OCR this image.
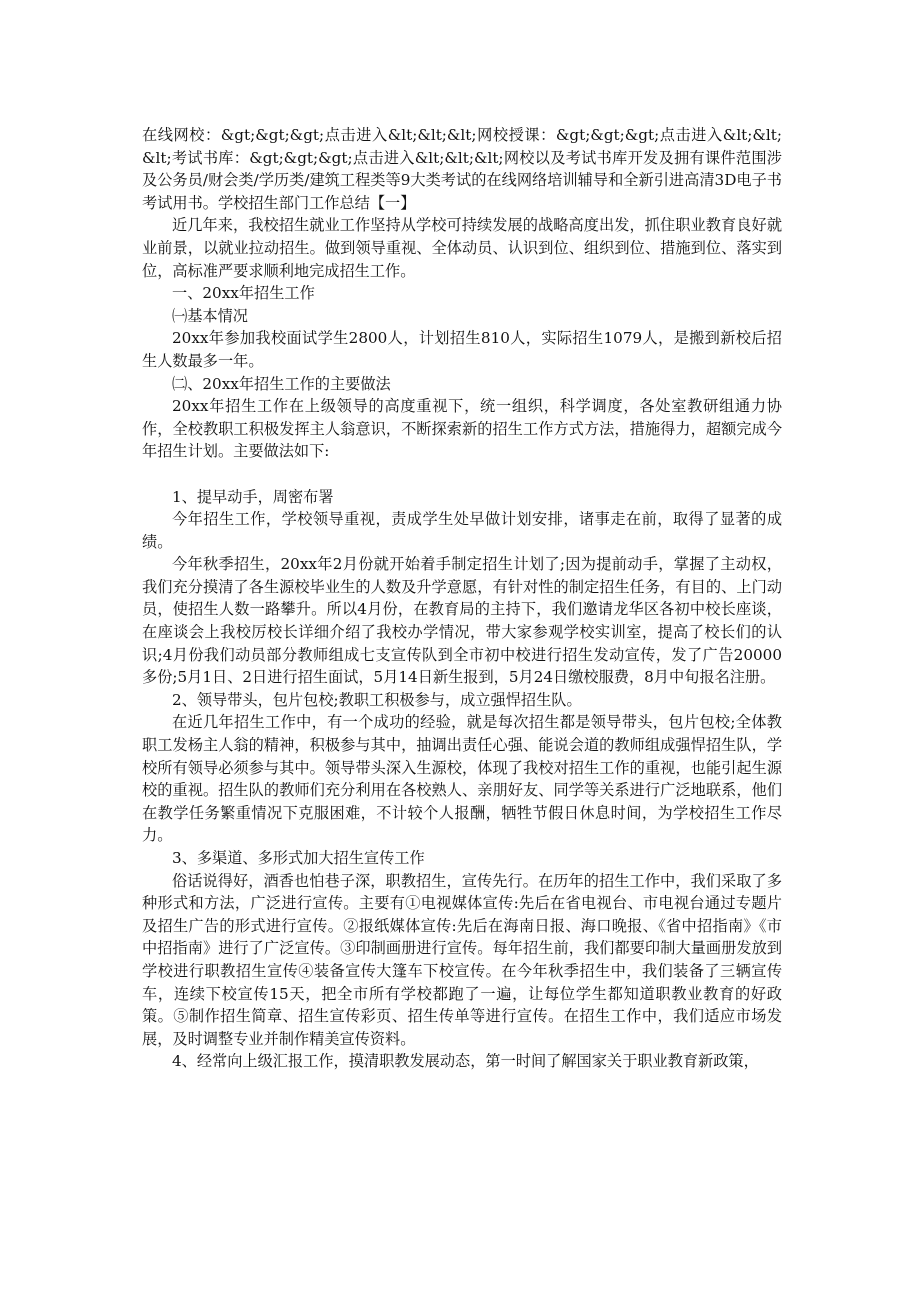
在线网校：&gt;&gt;&gt;点击进入&lt;&lt;&lt;网校授课：&gt;&gt;&gt;点击进入&lt;&lt;&lt;考试书库：&gt;&gt;&gt;点击进入&lt;&lt;&lt;网校以及考试书库开发及拥有课件范围涉及公务员/财会类/学历类/建筑工程类等9大类考试的在线网络培训辅导和全新引进高清3D电子书考试用书。学校招生部门工作总结【一】

近几年来，我校招生就业工作坚持从学校可持续发展的战略高度出发，抓住职业教育良好就业前景，以就业拉动招生。做到领导重视、全体动员、认识到位、组织到位、措施到位、落实到位，高标准严要求顺利地完成招生工作。

一、20xx年招生工作

㈠基本情况

20xx年参加我校面试学生2800人，计划招生810人，实际招生1079人，是搬到新校后招生人数最多一年。

㈡、20xx年招生工作的主要做法

20xx年招生工作在上级领导的高度重视下，统一组织，科学调度，各处室教研组通力协作，全校教职工积极发挥主人翁意识，不断探索新的招生工作方式方法，措施得力，超额完成今年招生计划。主要做法如下:

1、提早动手，周密布署

今年招生工作，学校领导重视，责成学生处早做计划安排，诸事走在前，取得了显著的成绩。

今年秋季招生，20xx年2月份就开始着手制定招生计划了;因为提前动手，掌握了主动权，我们充分摸清了各生源校毕业生的人数及升学意愿，有针对性的制定招生任务，有目的、上门动员，使招生人数一路攀升。所以4月份，在教育局的主持下，我们邀请龙华区各初中校长座谈，在座谈会上我校厉校长详细介绍了我校办学情况，带大家参观学校实训室，提高了校长们的认识;4月份我们动员部分教师组成七支宣传队到全市初中校进行招生发动宣传，发了广告20000多份;5月1日、2日进行招生面试，5月14日新生报到，5月24日缴校服费，8月中旬报名注册。

2、领导带头，包片包校;教职工积极参与，成立强悍招生队。

在近几年招生工作中，有一个成功的经验，就是每次招生都是领导带头，包片包校;全体教职工发杨主人翁的精神，积极参与其中，抽调出责任心强、能说会道的教师组成强悍招生队，学校所有领导必须参与其中。领导带头深入生源校，体现了我校对招生工作的重视，也能引起生源校的重视。招生队的教师们充分利用在各校熟人、亲朋好友、同学等关系进行广泛地联系，他们在教学任务繁重情况下克服困难，不计较个人报酬，牺牲节假日休息时间，为学校招生工作尽力。

3、多渠道、多形式加大招生宣传工作

俗话说得好，酒香也怕巷子深，职教招生，宣传先行。在历年的招生工作中，我们采取了多种形式和方法，广泛进行宣传。主要有①电视媒体宣传:先后在省电视台、市电视台通过专题片及招生广告的形式进行宣传。②报纸媒体宣传:先后在海南日报、海口晚报、《省中招指南》《市中招指南》进行了广泛宣传。③印制画册进行宣传。每年招生前，我们都要印制大量画册发放到学校进行职教招生宣传④装备宣传大篷车下校宣传。在今年秋季招生中，我们装备了三辆宣传车，连续下校宣传15天，把全市所有学校都跑了一遍，让每位学生都知道职教业教育的好政策。⑤制作招生简章、招生宣传彩页、招生传单等进行宣传。在招生工作中，我们适应市场发展，及时调整专业并制作精美宣传资料。

4、经常向上级汇报工作，摸清职教发展动态，第一时间了解国家关于职业教育新政策，
